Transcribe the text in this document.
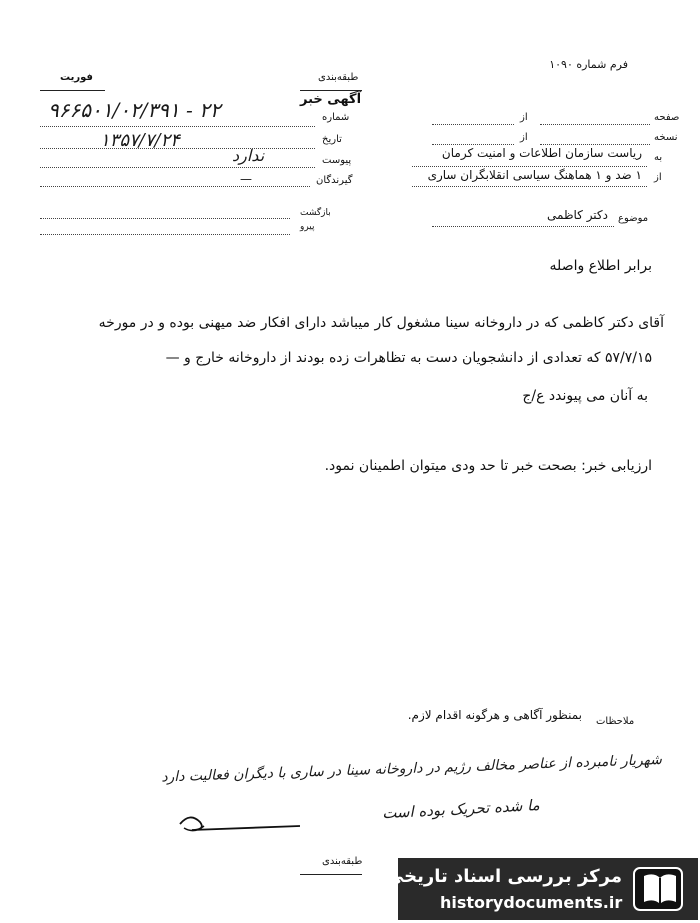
فرم شماره ۱۰۹۰
طبقه‌بندی
فوریت
آگهی خبر
صفحه
از
نسخه
از
به
ریاست سازمان اطلاعات و امنیت کرمان
از
۱ ضد و ۱ هماهنگ سیاسی انقلابگران ساری
شماره
۹۶۶۵۰۱/۰۲/۳۹۱ - ۲۲
تاریخ
۱۳۵۷/۷/۲۴
پیوست
ندارد
گیرندگان
—
بازگشت
پیرو
موضوع
دکتر کاظمی
برابر اطلاع واصله
آقای دکتر کاظمی که در داروخانه سینا مشغول کار میباشد دارای افکار ضد میهنی بوده و در مورخه
۵۷/۷/۱۵ که تعدادی از دانشجویان دست به تظاهرات زده بودند از داروخانه خارج و —
به آنان می پیوندد ع/ج
ارزیابی خبر: بصحت خبر تا حد ودی میتوان اطمینان نمود.
ملاحظات
بمنظور آگاهی و هرگونه اقدام لازم.
شهریار نامبرده از عناصر مخالف رژیم در داروخانه سینا در ساری با دیگران فعالیت دارد
ما شده تحریک بوده است
طبقه‌بندی
مرکز بررسی اسناد تاریخی
historydocuments.ir
